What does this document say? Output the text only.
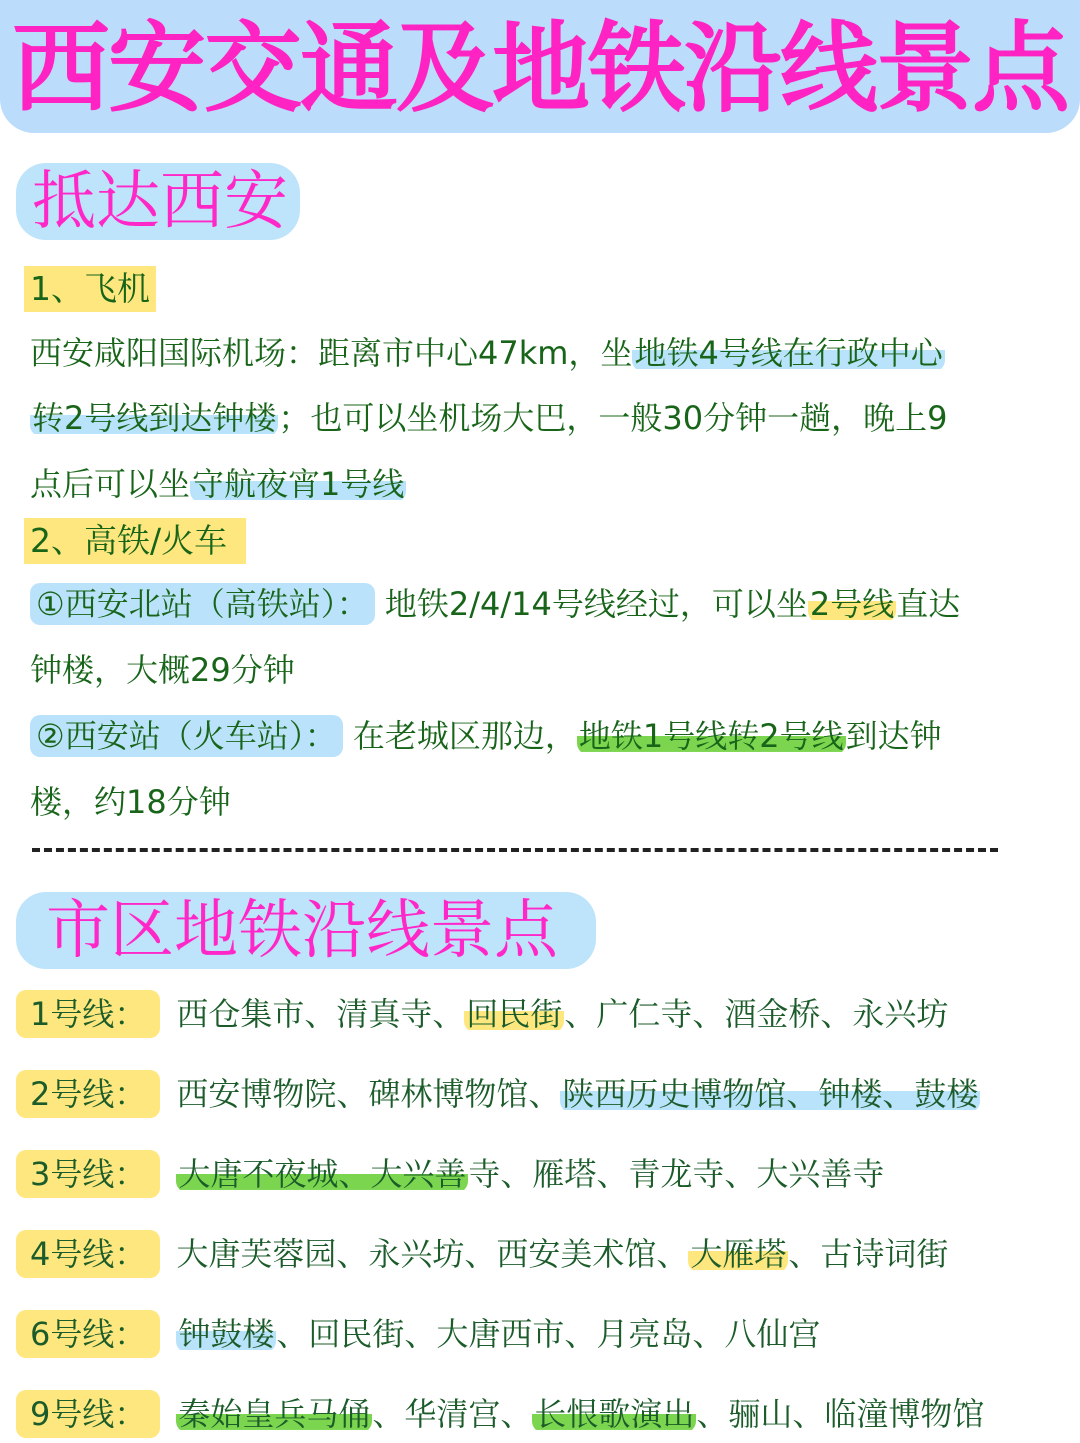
西安交通及地铁沿线景点
抵达西安
1、飞机
西安咸阳国际机场：距离市中心47km，坐地铁4号线在行政中心
转2号线到达钟楼；也可以坐机场大巴，一般30分钟一趟，晚上9
点后可以坐守航夜宵1号线
2、高铁/火车
①西安北站（高铁站）： 地铁2/4/14号线经过，可以坐2号线直达
钟楼，大概29分钟
②西安站（火车站）： 在老城区那边，地铁1号线转2号线到达钟
楼，约18分钟
市区地铁沿线景点
1号线： 西仓集市、清真寺、回民街、广仁寺、酒金桥、永兴坊
2号线： 西安博物院、碑林博物馆、陕西历史博物馆、钟楼、鼓楼
3号线： 大唐不夜城、大兴善寺、雁塔、青龙寺、大兴善寺
4号线： 大唐芙蓉园、永兴坊、西安美术馆、大雁塔、古诗词街
6号线： 钟鼓楼、回民街、大唐西市、月亮岛、八仙宫
9号线： 秦始皇兵马俑、华清宫、长恨歌演出、骊山、临潼博物馆
